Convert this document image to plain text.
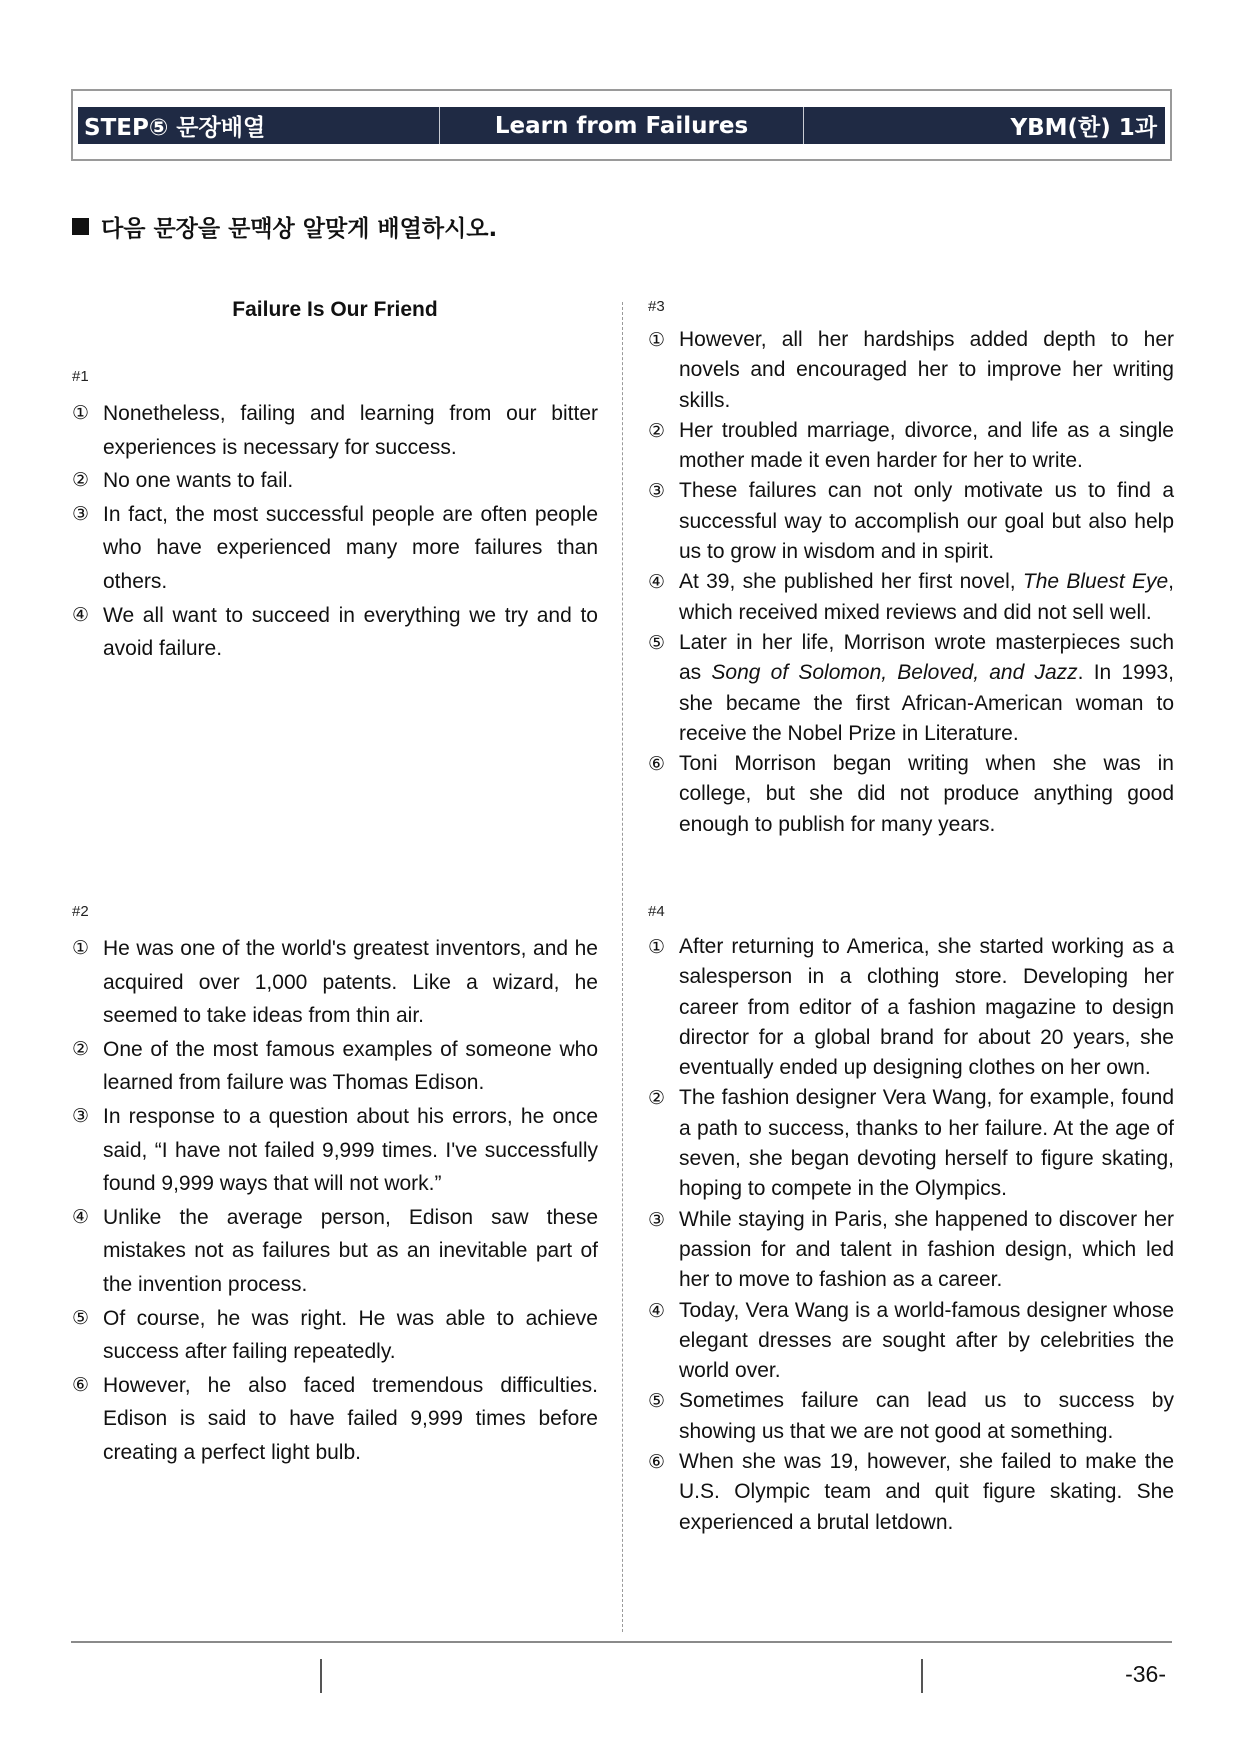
STEP⑤ 문장배열	Learn from Failures	YBM(한) 1과
다음 문장을 문맥상 알맞게 배열하시오.
Failure Is Our Friend
#1
① Nonetheless, failing and learning from our bitter experiences is necessary for success.
② No one wants to fail.
③ In fact, the most successful people are often people who have experienced many more failures than others.
④ We all want to succeed in everything we try and to avoid failure.
#2
① He was one of the world's greatest inventors, and he acquired over 1,000 patents. Like a wizard, he seemed to take ideas from thin air.
② One of the most famous examples of someone who learned from failure was Thomas Edison.
③ In response to a question about his errors, he once said, “I have not failed 9,999 times. I've successfully found 9,999 ways that will not work.”
④ Unlike the average person, Edison saw these mistakes not as failures but as an inevitable part of the invention process.
⑤ Of course, he was right. He was able to achieve success after failing repeatedly.
⑥ However, he also faced tremendous difficulties. Edison is said to have failed 9,999 times before creating a perfect light bulb.
#3
① However, all her hardships added depth to her novels and encouraged her to improve her writing skills.
② Her troubled marriage, divorce, and life as a single mother made it even harder for her to write.
③ These failures can not only motivate us to find a successful way to accomplish our goal but also help us to grow in wisdom and in spirit.
④ At 39, she published her first novel, The Bluest Eye, which received mixed reviews and did not sell well.
⑤ Later in her life, Morrison wrote masterpieces such as Song of Solomon, Beloved, and Jazz. In 1993, she became the first African-American woman to receive the Nobel Prize in Literature.
⑥ Toni Morrison began writing when she was in college, but she did not produce anything good enough to publish for many years.
#4
① After returning to America, she started working as a salesperson in a clothing store. Developing her career from editor of a fashion magazine to design director for a global brand for about 20 years, she eventually ended up designing clothes on her own.
② The fashion designer Vera Wang, for example, found a path to success, thanks to her failure. At the age of seven, she began devoting herself to figure skating, hoping to compete in the Olympics.
③ While staying in Paris, she happened to discover her passion for and talent in fashion design, which led her to move to fashion as a career.
④ Today, Vera Wang is a world-famous designer whose elegant dresses are sought after by celebrities the world over.
⑤ Sometimes failure can lead us to success by showing us that we are not good at something.
⑥ When she was 19, however, she failed to make the U.S. Olympic team and quit figure skating. She experienced a brutal letdown.
-36-
